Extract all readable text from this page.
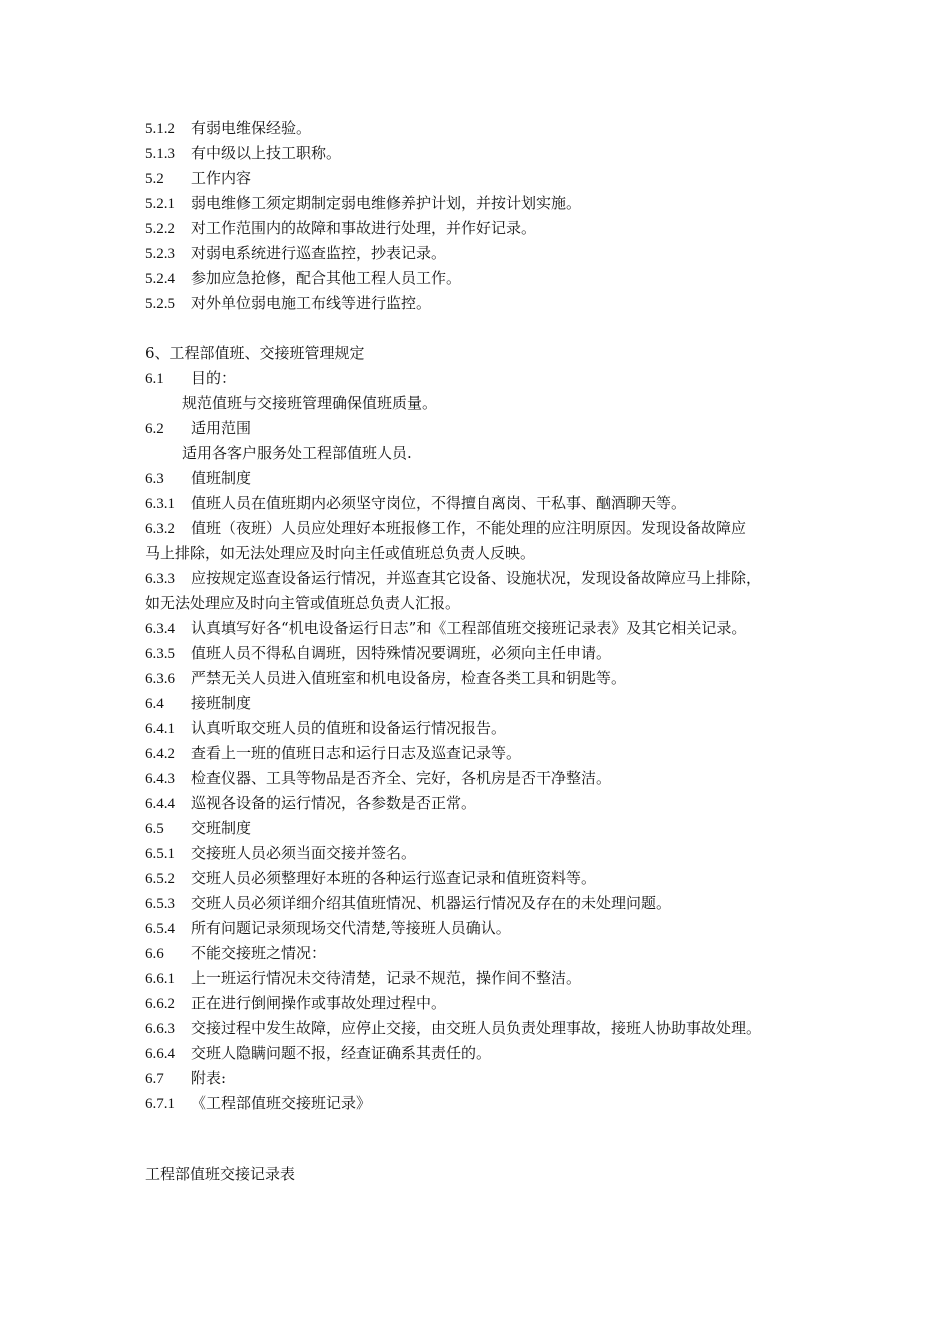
5.1.2 有弱电维保经验。
5.1.3 有中级以上技工职称。
5.2 工作内容
5.2.1 弱电维修工须定期制定弱电维修养护计划，并按计划实施。
5.2.2 对工作范围内的故障和事故进行处理，并作好记录。
5.2.3 对弱电系统进行巡查监控，抄表记录。
5.2.4 参加应急抢修，配合其他工程人员工作。
5.2.5 对外单位弱电施工布线等进行监控。
6、工程部值班、交接班管理规定
6.1 目的：
规范值班与交接班管理确保值班质量。
6.2 适用范围
适用各客户服务处工程部值班人员.
6.3 值班制度
6.3.1 值班人员在值班期内必须坚守岗位，不得擅自离岗、干私事、酗酒聊天等。
6.3.2 值班（夜班）人员应处理好本班报修工作，不能处理的应注明原因。发现设备故障应
马上排除，如无法处理应及时向主任或值班总负责人反映。
6.3.3 应按规定巡查设备运行情况，并巡查其它设备、设施状况，发现设备故障应马上排除，
如无法处理应及时向主管或值班总负责人汇报。
6.3.4 认真填写好各“机电设备运行日志”和《工程部值班交接班记录表》及其它相关记录。
6.3.5 值班人员不得私自调班，因特殊情况要调班，必须向主任申请。
6.3.6 严禁无关人员进入值班室和机电设备房，检查各类工具和钥匙等。
6.4 接班制度
6.4.1 认真听取交班人员的值班和设备运行情况报告。
6.4.2 查看上一班的值班日志和运行日志及巡查记录等。
6.4.3 检查仪器、工具等物品是否齐全、完好，各机房是否干净整洁。
6.4.4 巡视各设备的运行情况，各参数是否正常。
6.5 交班制度
6.5.1 交接班人员必须当面交接并签名。
6.5.2 交班人员必须整理好本班的各种运行巡查记录和值班资料等。
6.5.3 交班人员必须详细介绍其值班情况、机器运行情况及存在的未处理问题。
6.5.4 所有问题记录须现场交代清楚,等接班人员确认。
6.6 不能交接班之情况：
6.6.1 上一班运行情况未交待清楚，记录不规范，操作间不整洁。
6.6.2 正在进行倒闸操作或事故处理过程中。
6.6.3 交接过程中发生故障，应停止交接，由交班人员负责处理事故，接班人协助事故处理。
6.6.4 交班人隐瞒问题不报，经查证确系其责任的。
6.7 附表:
6.7.1 《工程部值班交接班记录》
工程部值班交接记录表
